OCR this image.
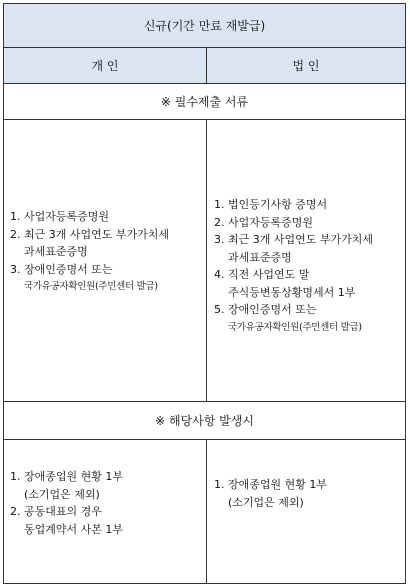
신규(기간 만료 재발급)
개 인	법 인
※ 필수제출 서류
1. 사업자등록증명원
2. 최근 3개 사업연도 부가가치세
과세표준증명
3. 장애인증명서 또는
국가유공자확인원(주민센터 발급)
1. 법인등기사항 증명서
2. 사업자등록증명원
3. 최근 3개 사업연도 부가가치세
과세표준증명
4. 직전 사업연도 말
주식등변동상황명세서 1부
5. 장애인증명서 또는
국가유공자확인원(주민센터 발급)
※ 해당사항 발생시
1. 장애종업원 현황 1부
(소기업은 제외)
2. 공동대표의 경우
동업계약서 사본 1부
1. 장애종업원 현황 1부
(소기업은 제외)
